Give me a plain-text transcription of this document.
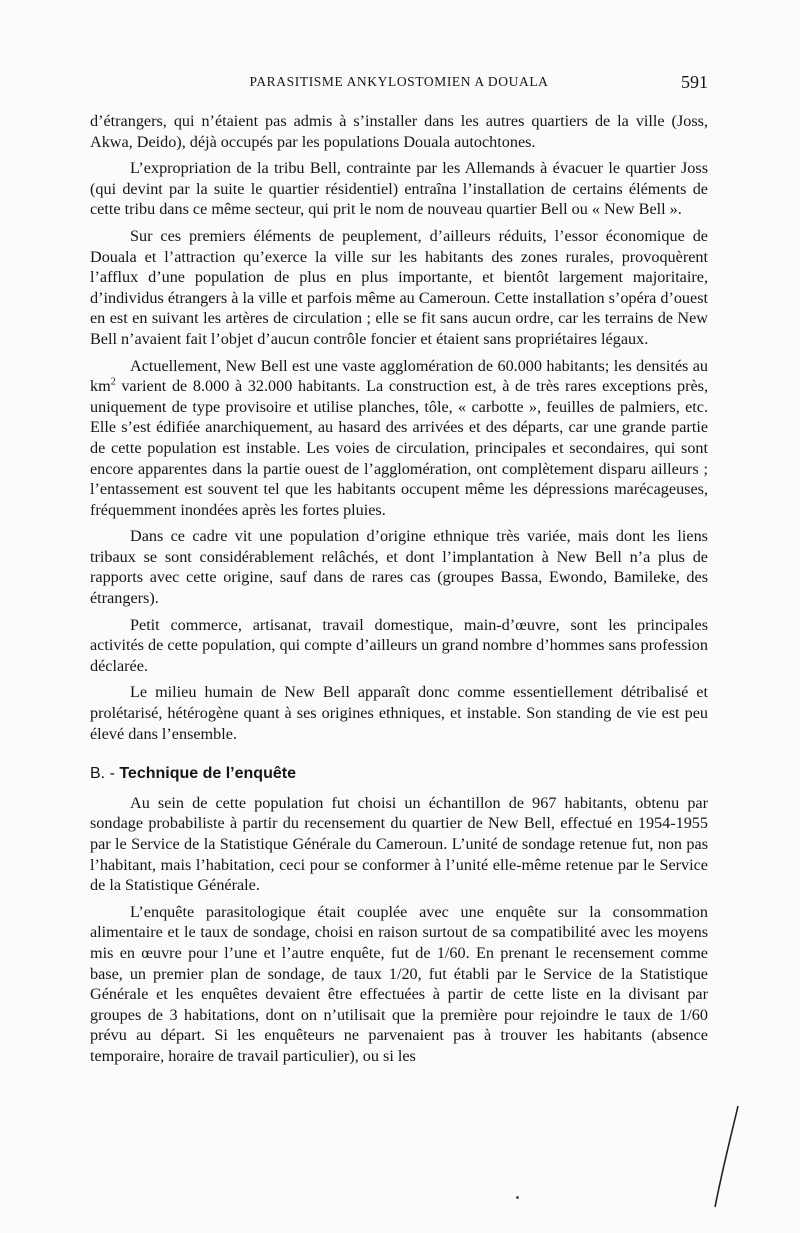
PARASITISME ANKYLOSTOMIEN A DOUALA	591

d’étrangers, qui n’étaient pas admis à s’installer dans les autres quartiers de la ville (Joss, Akwa, Deido), déjà occupés par les populations Douala autochtones.

L’expropriation de la tribu Bell, contrainte par les Allemands à évacuer le quartier Joss (qui devint par la suite le quartier résidentiel) entraîna l’installation de certains éléments de cette tribu dans ce même secteur, qui prit le nom de nouveau quartier Bell ou « New Bell ».

Sur ces premiers éléments de peuplement, d’ailleurs réduits, l’essor économique de Douala et l’attraction qu’exerce la ville sur les habitants des zones rurales, provoquèrent l’afflux d’une population de plus en plus importante, et bientôt largement majoritaire, d’individus étrangers à la ville et parfois même au Cameroun. Cette installation s’opéra d’ouest en est en suivant les artères de circulation ; elle se fit sans aucun ordre, car les terrains de New Bell n’avaient fait l’objet d’aucun contrôle foncier et étaient sans propriétaires légaux.

Actuellement, New Bell est une vaste agglomération de 60.000 habitants; les densités au $km^2$ varient de 8.000 à 32.000 habitants. La construction est, à de très rares exceptions près, uniquement de type provisoire et utilise planches, tôle, « carbotte », feuilles de palmiers, etc. Elle s’est édifiée anarchiquement, au hasard des arrivées et des départs, car une grande partie de cette population est instable. Les voies de circulation, principales et secondaires, qui sont encore apparentes dans la partie ouest de l’agglomération, ont complètement disparu ailleurs ; l’entassement est souvent tel que les habitants occupent même les dépressions marécageuses, fréquemment inondées après les fortes pluies.

Dans ce cadre vit une population d’origine ethnique très variée, mais dont les liens tribaux se sont considérablement relâchés, et dont l’implantation à New Bell n’a plus de rapports avec cette origine, sauf dans de rares cas (groupes Bassa, Ewondo, Bamileke, des étrangers).

Petit commerce, artisanat, travail domestique, main-d’œuvre, sont les principales activités de cette population, qui compte d’ailleurs un grand nombre d’hommes sans profession déclarée.

Le milieu humain de New Bell apparaît donc comme essentiellement détribalisé et prolétarisé, hétérogène quant à ses origines ethniques, et instable. Son standing de vie est peu élevé dans l’ensemble.

B. - Technique de l’enquête

Au sein de cette population fut choisi un échantillon de 967 habitants, obtenu par sondage probabiliste à partir du recensement du quartier de New Bell, effectué en 1954-1955 par le Service de la Statistique Générale du Cameroun. L’unité de sondage retenue fut, non pas l’habitant, mais l’habitation, ceci pour se conformer à l’unité elle-même retenue par le Service de la Statistique Générale.

L’enquête parasitologique était couplée avec une enquête sur la consommation alimentaire et le taux de sondage, choisi en raison surtout de sa compatibilité avec les moyens mis en œuvre pour l’une et l’autre enquête, fut de 1/60. En prenant le recensement comme base, un premier plan de sondage, de taux 1/20, fut établi par le Service de la Statistique Générale et les enquêtes devaient être effectuées à partir de cette liste en la divisant par groupes de 3 habitations, dont on n’utilisait que la première pour rejoindre le taux de 1/60 prévu au départ. Si les enquêteurs ne parvenaient pas à trouver les habitants (absence temporaire, horaire de travail particulier), ou si les
